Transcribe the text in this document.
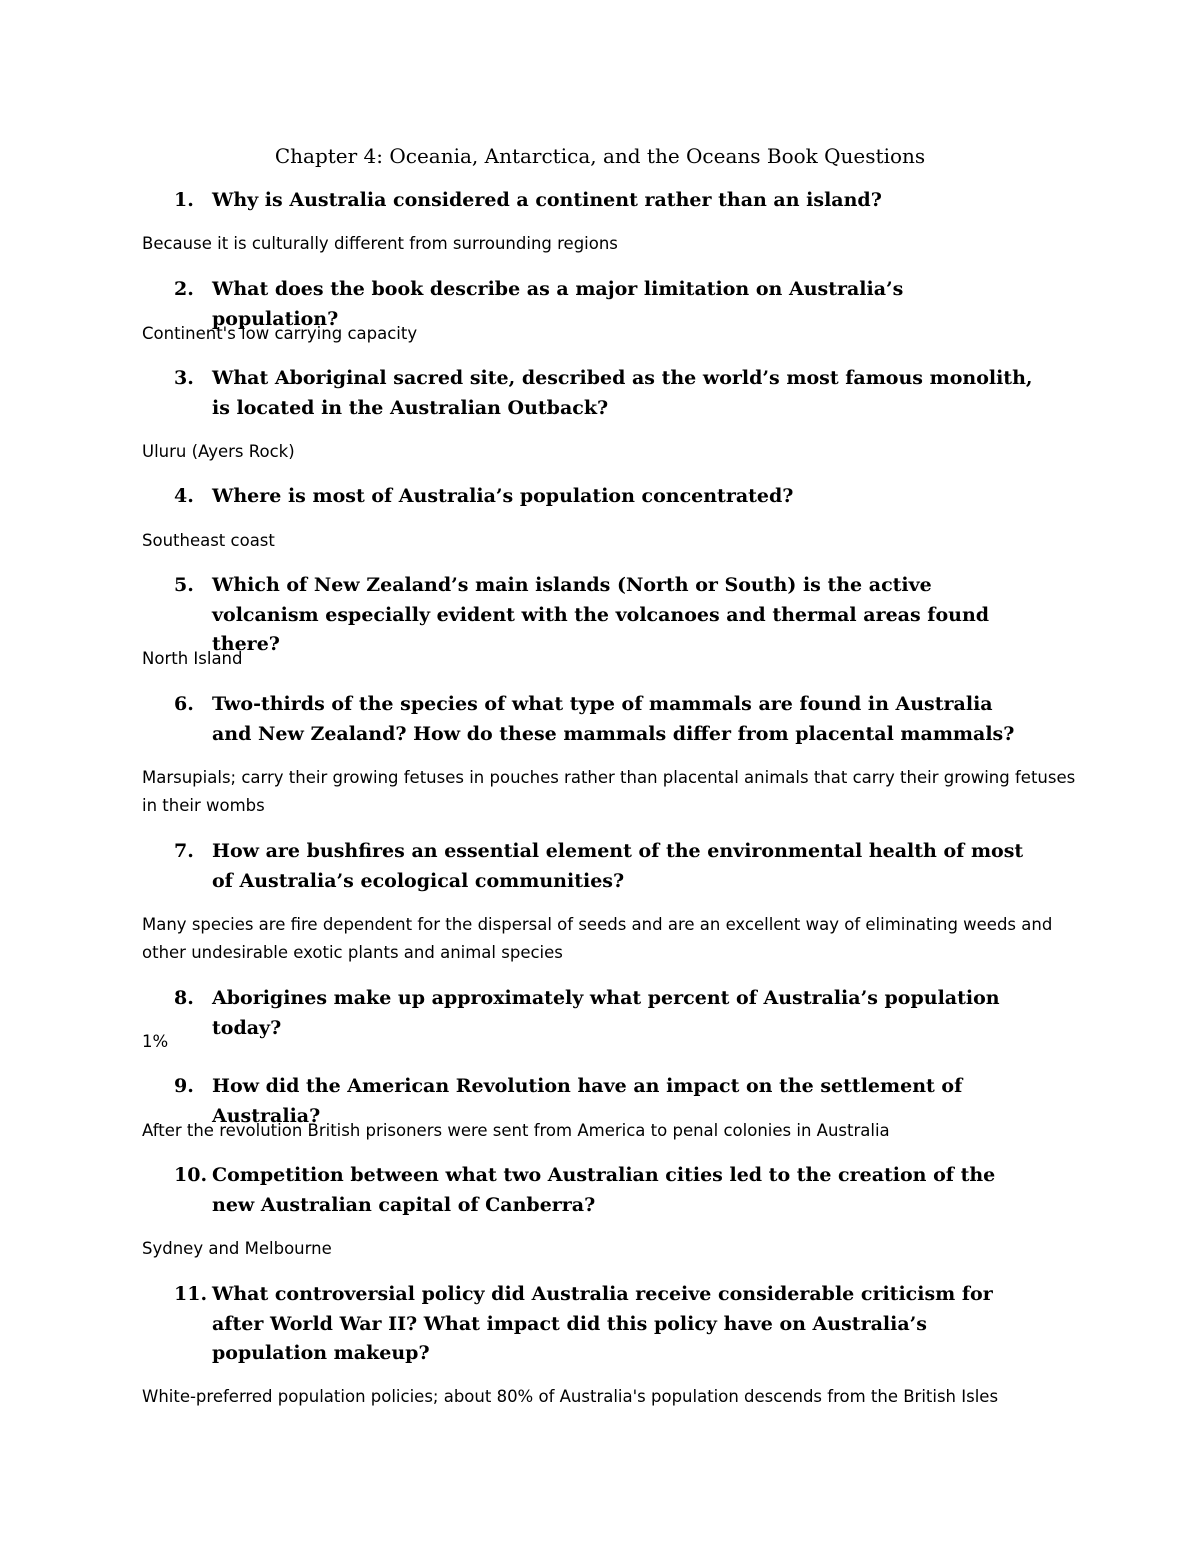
Chapter 4: Oceania, Antarctica, and the Oceans Book Questions
1. Why is Australia considered a continent rather than an island?
Because it is culturally different from surrounding regions
2. What does the book describe as a major limitation on Australia’s population?
Continent's low carrying capacity
3. What Aboriginal sacred site, described as the world’s most famous monolith, is located in the Australian Outback?
Uluru (Ayers Rock)
4. Where is most of Australia’s population concentrated?
Southeast coast
5. Which of New Zealand’s main islands (North or South) is the active volcanism especially evident with the volcanoes and thermal areas found there?
North Island
6. Two-thirds of the species of what type of mammals are found in Australia and New Zealand? How do these mammals differ from placental mammals?
Marsupials; carry their growing fetuses in pouches rather than placental animals that carry their growing fetuses in their wombs
7. How are bushfires an essential element of the environmental health of most of Australia’s ecological communities?
Many species are fire dependent for the dispersal of seeds and are an excellent way of eliminating weeds and other undesirable exotic plants and animal species
8. Aborigines make up approximately what percent of Australia’s population today?
1%
9. How did the American Revolution have an impact on the settlement of Australia?
After the revolution British prisoners were sent from America to penal colonies in Australia
10. Competition between what two Australian cities led to the creation of the new Australian capital of Canberra?
Sydney and Melbourne
11. What controversial policy did Australia receive considerable criticism for after World War II? What impact did this policy have on Australia’s population makeup?
White-preferred population policies; about 80% of Australia's population descends from the British Isles
